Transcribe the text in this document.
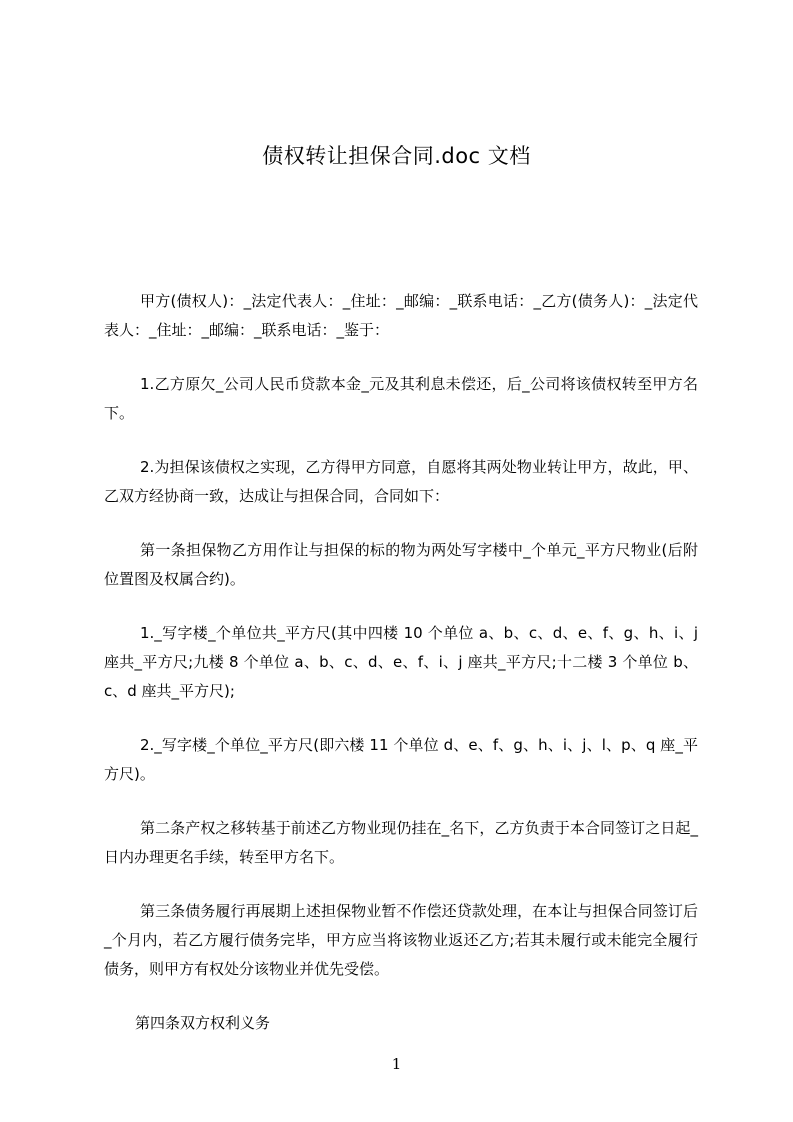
债权转让担保合同.doc 文档

甲方(债权人)：_法定代表人：_住址：_邮编：_联系电话：_乙方(债务人)：_法定代表人：_住址：_邮编：_联系电话：_鉴于：

1.乙方原欠_公司人民币贷款本金_元及其利息未偿还，后_公司将该债权转至甲方名下。

2.为担保该债权之实现，乙方得甲方同意，自愿将其两处物业转让甲方，故此，甲、乙双方经协商一致，达成让与担保合同，合同如下：

第一条担保物乙方用作让与担保的标的物为两处写字楼中_个单元_平方尺物业(后附位置图及权属合约)。

1._写字楼_个单位共_平方尺(其中四楼 10 个单位 a、b、c、d、e、f、g、h、i、j 座共_平方尺;九楼 8 个单位 a、b、c、d、e、f、i、j 座共_平方尺;十二楼 3 个单位 b、c、d 座共_平方尺);

2._写字楼_个单位_平方尺(即六楼 11 个单位 d、e、f、g、h、i、j、l、p、q 座_平方尺)。

第二条产权之移转基于前述乙方物业现仍挂在_名下，乙方负责于本合同签订之日起_日内办理更名手续，转至甲方名下。

第三条债务履行再展期上述担保物业暂不作偿还贷款处理，在本让与担保合同签订后_个月内，若乙方履行债务完毕，甲方应当将该物业返还乙方;若其未履行或未能完全履行债务，则甲方有权处分该物业并优先受偿。

第四条双方权利义务

1
